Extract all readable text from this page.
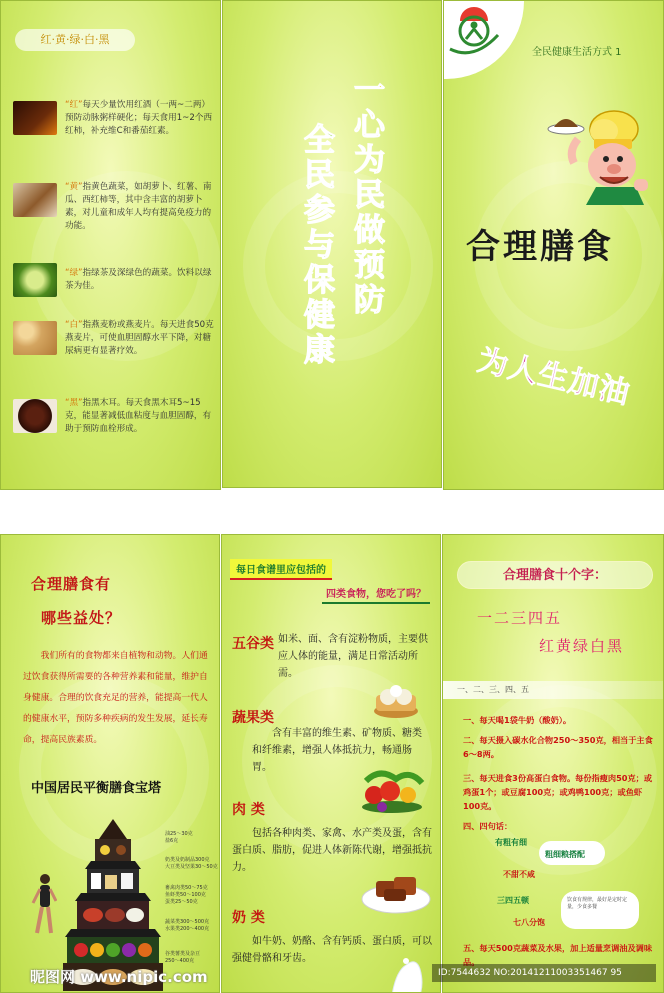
红·黄·绿·白·黑
“红”每天少量饮用红酒（一两~二两）预防动脉粥样硬化；每天食用1~2个西红柿，补充维C和番茄红素。
“黄”指黄色蔬菜，如胡萝卜、红薯、南瓜、西红柿等，其中含丰富的胡萝卜素，对儿童和成年人均有提高免疫力的功能。
“绿”指绿茶及深绿色的蔬菜。饮料以绿茶为佳。
“白”指燕麦粉或燕麦片。每天进食50克燕麦片，可使血胆固醇水平下降，对糖尿病更有显著疗效。
“黑”指黑木耳。每天食黑木耳5~15克，能显著减低血粘度与血胆固醇，有助于预防血栓形成。
一心为民做预防
全民参与保健康
全民健康生活方式 1
合理膳食
为人生加油
合理膳食有
哪些益处？
我们所有的食物都来自植物和动物。人们通过饮食获得所需要的各种营养素和能量，维护自身健康。合理的饮食充足的营养，能提高一代人的健康水平，预防多种疾病的发生发展，延长寿命，提高民族素质。
中国居民平衡膳食宝塔
油25～30克
盐6克
奶类及奶制品300克
大豆类及坚果30～50克
畜禽肉类50～75克
鱼虾类50～100克
蛋类25～50克
蔬菜类300～500克
水果类200～400克
谷类薯类及杂豆
250～400克
每日食谱里应包括的
四类食物，您吃了吗？
五谷类 如米、面、含有淀粉物质，主要供应人体的能量，满足日常活动所需。
蔬果类
含有丰富的维生素、矿物质、糖类和纤维素，增强人体抵抗力，畅通肠胃。
肉 类
包括各种肉类、家禽、水产类及蛋，含有蛋白质、脂肪，促进人体新陈代谢，增强抵抗力。
奶 类
如牛奶、奶酪、含有钙质、蛋白质，可以强健骨骼和牙齿。
合理膳食十个字：
一二三四五
红黄绿白黑
一、二、三、四、五
一、每天喝1袋牛奶（酸奶）。
二、每天摄入碳水化合物250～350克，相当于主食6～8两。
三、每天进食3份高蛋白食物。每份指瘦肉50克；或鸡蛋1个；或豆腐100克；或鸡鸭100克；或鱼虾100克。
四、四句话：
有粗有细
粗细粮搭配
不甜不咸
饮食有规律，最好是定时定量，少食多餐
三四五顿
七八分饱
五、每天500克蔬菜及水果，加上适量烹调油及调味品。
昵图网 www.nipic.com	ID:7544632 NO:20141211003351467 95
